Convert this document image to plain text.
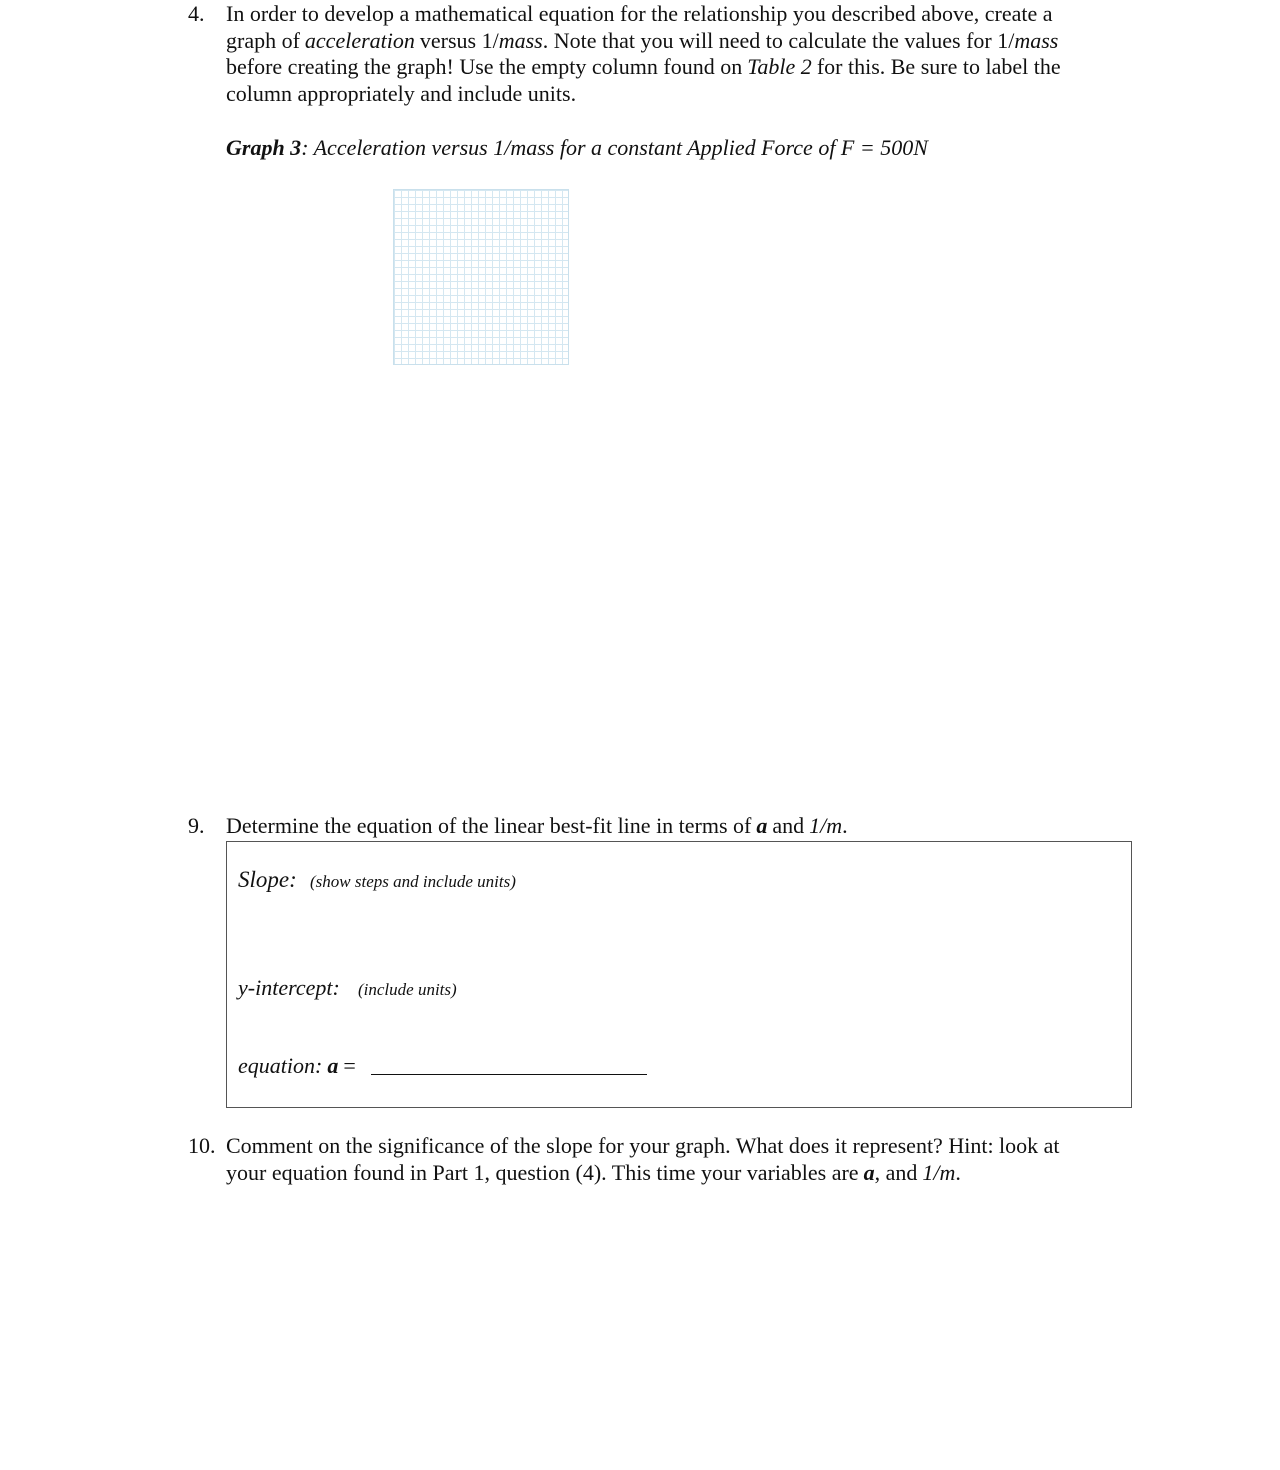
4. In order to develop a mathematical equation for the relationship you described above, create a
graph of acceleration versus 1/mass. Note that you will need to calculate the values for 1/mass
before creating the graph! Use the empty column found on Table 2 for this. Be sure to label the
column appropriately and include units.
Graph 3: Acceleration versus 1/mass for a constant Applied Force of F = 500N
9. Determine the equation of the linear best-fit line in terms of a and 1/m.
Slope: (show steps and include units)
y-intercept: (include units)
equation: a =
10. Comment on the significance of the slope for your graph. What does it represent? Hint: look at
your equation found in Part 1, question (4). This time your variables are a, and 1/m.
